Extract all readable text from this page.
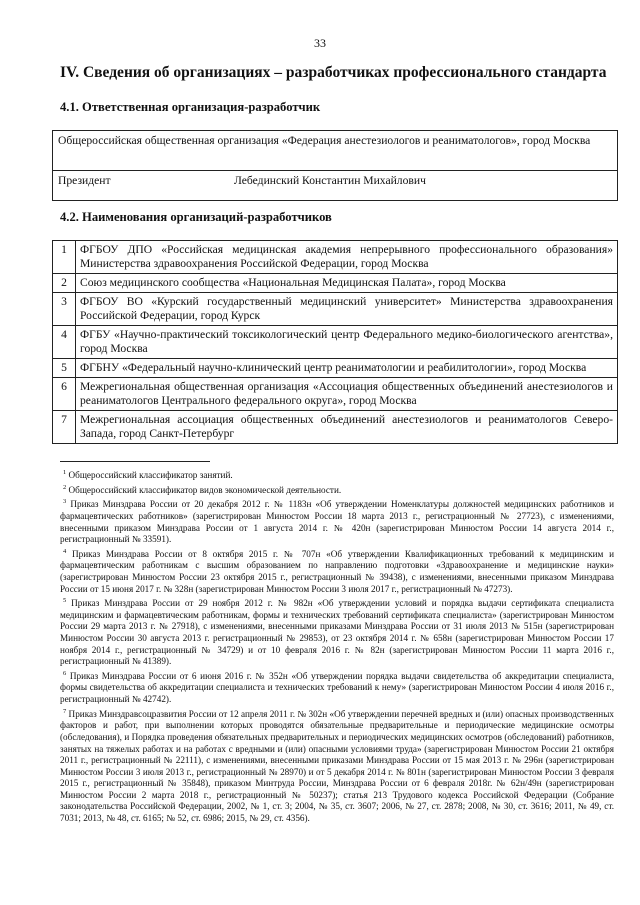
33
IV. Сведения об организациях – разработчиках профессионального стандарта
4.1. Ответственная организация-разработчик
Общероссийская общественная организация «Федерация анестезиологов и реаниматологов», город Москва
Президент	Лебединский Константин Михайлович
4.2. Наименования организаций-разработчиков
1	ФГБОУ ДПО «Российская медицинская академия непрерывного профессионального образования» Министерства здравоохранения Российской Федерации, город Москва
2	Союз медицинского сообщества «Национальная Медицинская Палата», город Москва
3	ФГБОУ ВО «Курский государственный медицинский университет» Министерства здравоохранения Российской Федерации, город Курск
4	ФГБУ «Научно-практический токсикологический центр Федерального медико-биологического агентства», город Москва
5	ФГБНУ «Федеральный научно-клинический центр реаниматологии и реабилитологии», город Москва
6	Межрегиональная общественная организация «Ассоциация общественных объединений анестезиологов и реаниматологов Центрального федерального округа», город Москва
7	Межрегиональная ассоциация общественных объединений анестезиологов и реаниматологов Северо-Запада, город Санкт-Петербург

$^1$ Общероссийский классификатор занятий.

$^2$ Общероссийский классификатор видов экономической деятельности.

$^3$ Приказ Минздрава России от 20 декабря 2012 г. № 1183н «Об утверждении Номенклатуры должностей медицинских работников и фармацевтических работников» (зарегистрирован Минюстом России 18 марта 2013 г., регистрационный № 27723), с изменениями, внесенными приказом Минздрава России от 1 августа 2014 г. № 420н (зарегистрирован Минюстом России 14 августа 2014 г., регистрационный № 33591).

$^4$ Приказ Минздрава России от 8 октября 2015 г. № 707н «Об утверждении Квалификационных требований к медицинским и фармацевтическим работникам с высшим образованием по направлению подготовки «Здравоохранение и медицинские науки» (зарегистрирован Минюстом России 23 октября 2015 г., регистрационный № 39438), с изменениями, внесенными приказом Минздрава России от 15 июня 2017 г. № 328н (зарегистрирован Минюстом России 3 июля 2017 г., регистрационный № 47273).

$^5$ Приказ Минздрава России от 29 ноября 2012 г. № 982н «Об утверждении условий и порядка выдачи сертификата специалиста медицинским и фармацевтическим работникам, формы и технических требований сертификата специалиста» (зарегистрирован Минюстом России 29 марта 2013 г. № 27918), с изменениями, внесенными приказами Минздрава России от 31 июля 2013 № 515н (зарегистрирован Минюстом России 30 августа 2013 г. регистрационный № 29853), от 23 октября 2014 г. № 658н (зарегистрирован Минюстом России 17 ноября 2014 г., регистрационный № 34729) и от 10 февраля 2016 г. № 82н (зарегистрирован Минюстом России 11 марта 2016 г., регистрационный № 41389).

$^6$ Приказ Минздрава России от 6 июня 2016 г. № 352н «Об утверждении порядка выдачи свидетельства об аккредитации специалиста, формы свидетельства об аккредитации специалиста и технических требований к нему» (зарегистрирован Минюстом России 4 июля 2016 г., регистрационный № 42742).

$^7$ Приказ Минздравсоцразвития России от 12 апреля 2011 г. № 302н «Об утверждении перечней вредных и (или) опасных производственных факторов и работ, при выполнении которых проводятся обязательные предварительные и периодические медицинские осмотры (обследования), и Порядка проведения обязательных предварительных и периодических медицинских осмотров (обследований) работников, занятых на тяжелых работах и на работах с вредными и (или) опасными условиями труда» (зарегистрирован Минюстом России 21 октября 2011 г., регистрационный № 22111), с изменениями, внесенными приказами Минздрава России от 15 мая 2013 г. № 296н (зарегистрирован Минюстом России 3 июля 2013 г., регистрационный № 28970) и от 5 декабря 2014 г. № 801н (зарегистрирован Минюстом России 3 февраля 2015 г., регистрационный № 35848), приказом Минтруда России, Минздрава России от 6 февраля 2018г. № 62н/49н (зарегистрирован Минюстом России 2 марта 2018 г., регистрационный № 50237); статья 213 Трудового кодекса Российской Федерации (Собрание законодательства Российской Федерации, 2002, № 1, ст. 3; 2004, № 35, ст. 3607; 2006, № 27, ст. 2878; 2008, № 30, ст. 3616; 2011, № 49, ст. 7031; 2013, № 48, ст. 6165; № 52, ст. 6986; 2015, № 29, ст. 4356).
